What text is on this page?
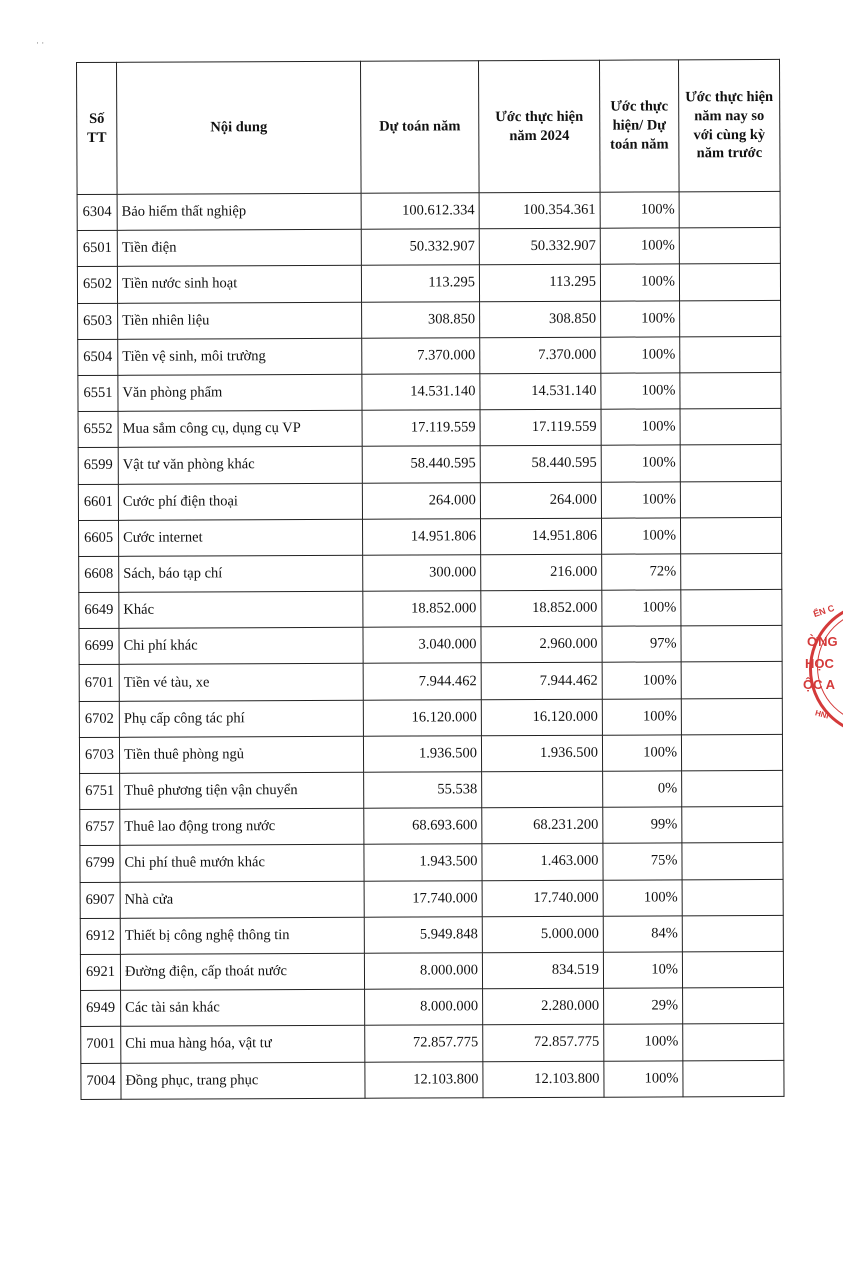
· ·
Số TT	Nội dung	Dự toán năm	Ước thực hiện năm 2024	Ước thực hiện/ Dự toán năm	Ước thực hiện năm nay so với cùng kỳ năm trước
6304	Bảo hiểm thất nghiệp	100.612.334	100.354.361	100%	
6501	Tiền điện	50.332.907	50.332.907	100%	
6502	Tiền nước sinh hoạt	113.295	113.295	100%	
6503	Tiền nhiên liệu	308.850	308.850	100%	
6504	Tiền vệ sinh, môi trường	7.370.000	7.370.000	100%	
6551	Văn phòng phẩm	14.531.140	14.531.140	100%	
6552	Mua sắm công cụ, dụng cụ VP	17.119.559	17.119.559	100%	
6599	Vật tư văn phòng khác	58.440.595	58.440.595	100%	
6601	Cước phí điện thoại	264.000	264.000	100%	
6605	Cước internet	14.951.806	14.951.806	100%	
6608	Sách, báo tạp chí	300.000	216.000	72%	
6649	Khác	18.852.000	18.852.000	100%	
6699	Chi phí khác	3.040.000	2.960.000	97%	
6701	Tiền vé tàu, xe	7.944.462	7.944.462	100%	
6702	Phụ cấp công tác phí	16.120.000	16.120.000	100%	
6703	Tiền thuê phòng ngủ	1.936.500	1.936.500	100%	
6751	Thuê phương tiện vận chuyển	55.538		0%	
6757	Thuê lao động trong nước	68.693.600	68.231.200	99%	
6799	Chi phí thuê mướn khác	1.943.500	1.463.000	75%	
6907	Nhà cửa	17.740.000	17.740.000	100%	
6912	Thiết bị công nghệ thông tin	5.949.848	5.000.000	84%	
6921	Đường điện, cấp thoát nước	8.000.000	834.519	10%	
6949	Các tài sản khác	8.000.000	2.280.000	29%	
7001	Chi mua hàng hóa, vật tư	72.857.775	72.857.775	100%	
7004	Đồng phục, trang phục	12.103.800	12.103.800	100%	
ỂN C
ỜNG
HỌC
ỘC A
HNI
